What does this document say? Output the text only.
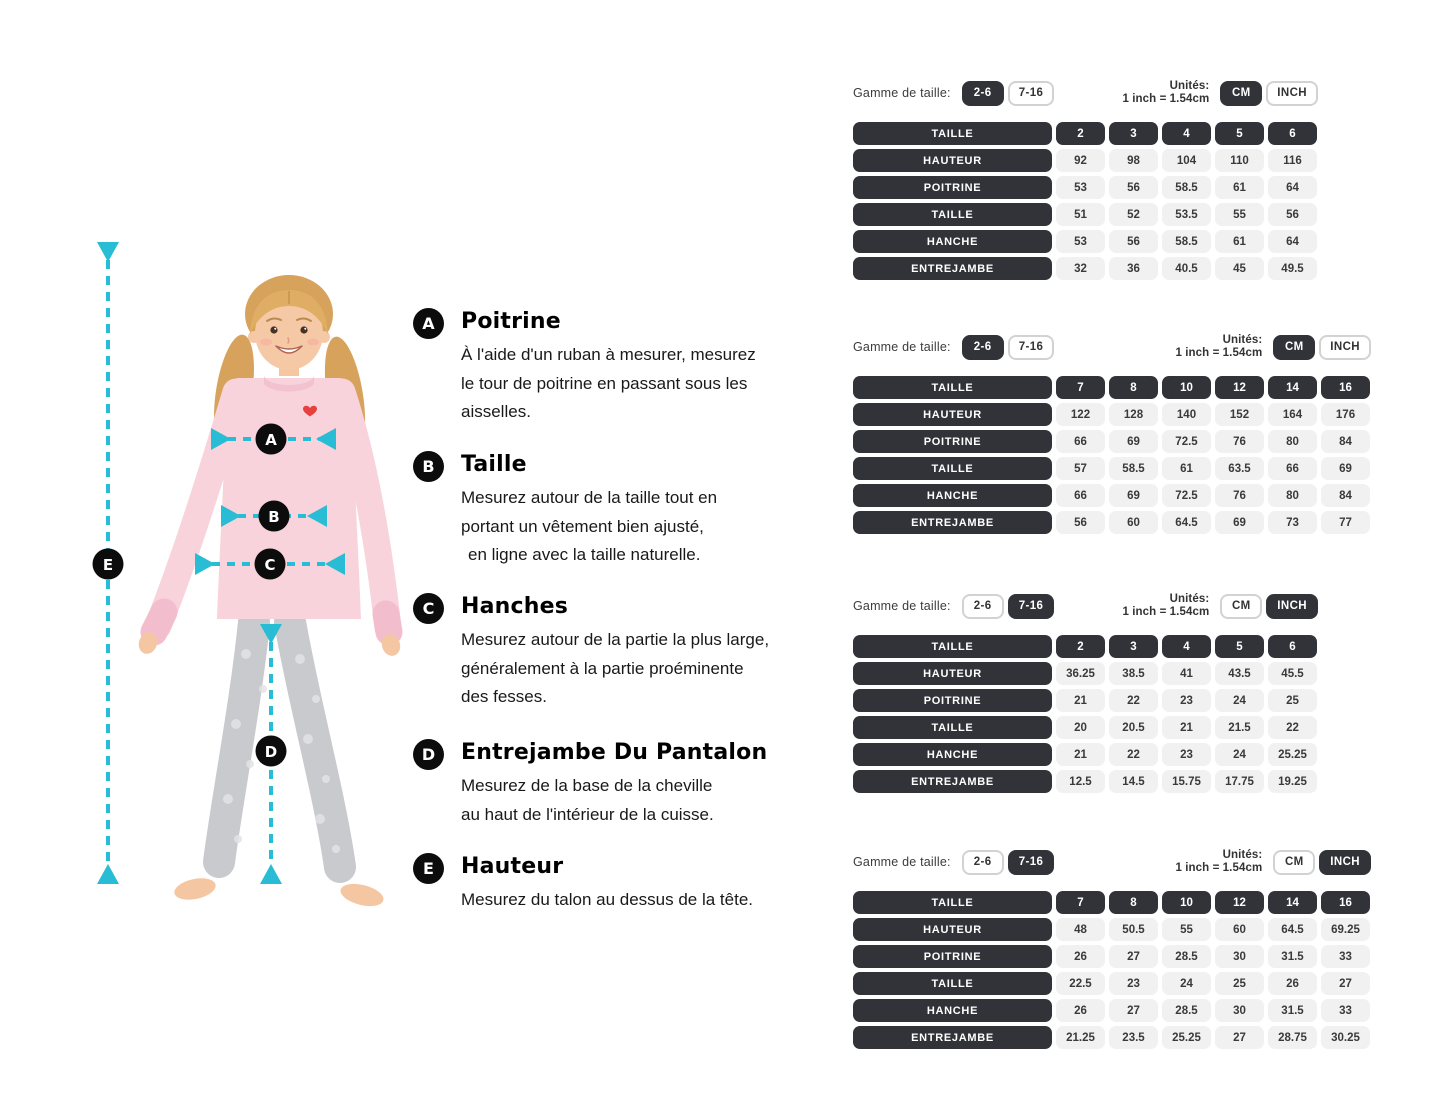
E
A
B
C
D
A Poitrine
À l'aide d'un ruban à mesurer, mesurez
le tour de poitrine en passant sous les
aisselles.
B Taille
Mesurez autour de la taille tout en
portant un vêtement bien ajusté,
en ligne avec la taille naturelle.
C Hanches
Mesurez autour de la partie la plus large,
généralement à la partie proéminente
des fesses.
D Entrejambe Du Pantalon
Mesurez de la base de la cheville
au haut de l'intérieur de la cuisse.
E Hauteur
Mesurez du talon au dessus de la tête.
Gamme de taille:	2-6	7-16
Unités:
1 inch = 1.54cm	CM	INCH
TAILLE	2	3	4	5	6
HAUTEUR	92	98	104	110	116
POITRINE	53	56	58.5	61	64
TAILLE	51	52	53.5	55	56
HANCHE	53	56	58.5	61	64
ENTREJAMBE	32	36	40.5	45	49.5
Gamme de taille:	2-6	7-16
Unités:
1 inch = 1.54cm	CM	INCH
TAILLE	7	8	10	12	14	16
HAUTEUR	122	128	140	152	164	176
POITRINE	66	69	72.5	76	80	84
TAILLE	57	58.5	61	63.5	66	69
HANCHE	66	69	72.5	76	80	84
ENTREJAMBE	56	60	64.5	69	73	77
Gamme de taille:	2-6	7-16
Unités:
1 inch = 1.54cm	CM	INCH
TAILLE	2	3	4	5	6
HAUTEUR	36.25	38.5	41	43.5	45.5
POITRINE	21	22	23	24	25
TAILLE	20	20.5	21	21.5	22
HANCHE	21	22	23	24	25.25
ENTREJAMBE	12.5	14.5	15.75	17.75	19.25
Gamme de taille:	2-6	7-16
Unités:
1 inch = 1.54cm	CM	INCH
TAILLE	7	8	10	12	14	16
HAUTEUR	48	50.5	55	60	64.5	69.25
POITRINE	26	27	28.5	30	31.5	33
TAILLE	22.5	23	24	25	26	27
HANCHE	26	27	28.5	30	31.5	33
ENTREJAMBE	21.25	23.5	25.25	27	28.75	30.25
